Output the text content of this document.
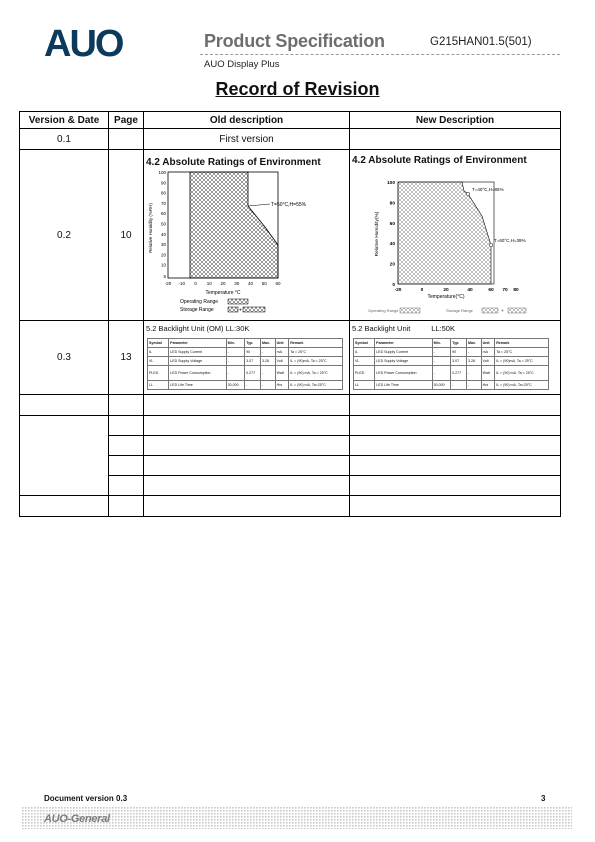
AUO	Product Specification	G215HAN01.5(501)
AUO Display Plus
Record of Revision
Version & Date	Page	Old description	New Description
0.1		First version	
0.2	10	
4.2 Absolute Ratings of Environment
T=50°C,H=55%
100
90
80
70
60
50
40
30
20
10
5
-20 -10 0 10 20 30 40 50 60
Relative Humidity (%RH)
Temperature °C
Operating Range
Storage Range	+

4.2 Absolute Ratings of Environment
T=40°C,H=85%
T=60°C,H=39%
100
80
60
40
20
0
-20	0	20	40	60 70 80
Relative Humidity(%)
Temperature(°C)
Operating Range	Storage Range	+

0.3	13	
5.2 Backlight Unit (OM) LL:30K
Symbol	Parameter	Min.	Typ.	Max.	Unit	Remark
IL	LED Supply Current	-	90	-	mA	Ta = 25°C
VL	LED Supply Voltage	-	3.07	3.28	Volt	IL = (90)mA, Ta = 25°C
PLED	LED Power Consumption	-	0.277	-	Watt	IL = (90) mA, Ta = 25°C
LL	LED Life Time	30,000	-	-	Hrs	IL = (90) mA, Ta=25°C

5.2 Backlight Unit          LL:50K
Symbol	Parameter	Min.	Typ.	Max.	Unit	Remark
IL	LED Supply Current	-	90	-	mA	Ta = 25°C
VL	LED Supply Voltage	-	3.07	3.28	Volt	IL = (90)mA, Ta = 25°C
PLED	LED Power Consumption	-	0.277	-	Watt	IL = (90) mA, Ta = 25°C
LL	LED Life Time	50,000	-	-	Hrs	IL = (90) mA, Ta=25°C

Document version 0.3	3
AUO-General
